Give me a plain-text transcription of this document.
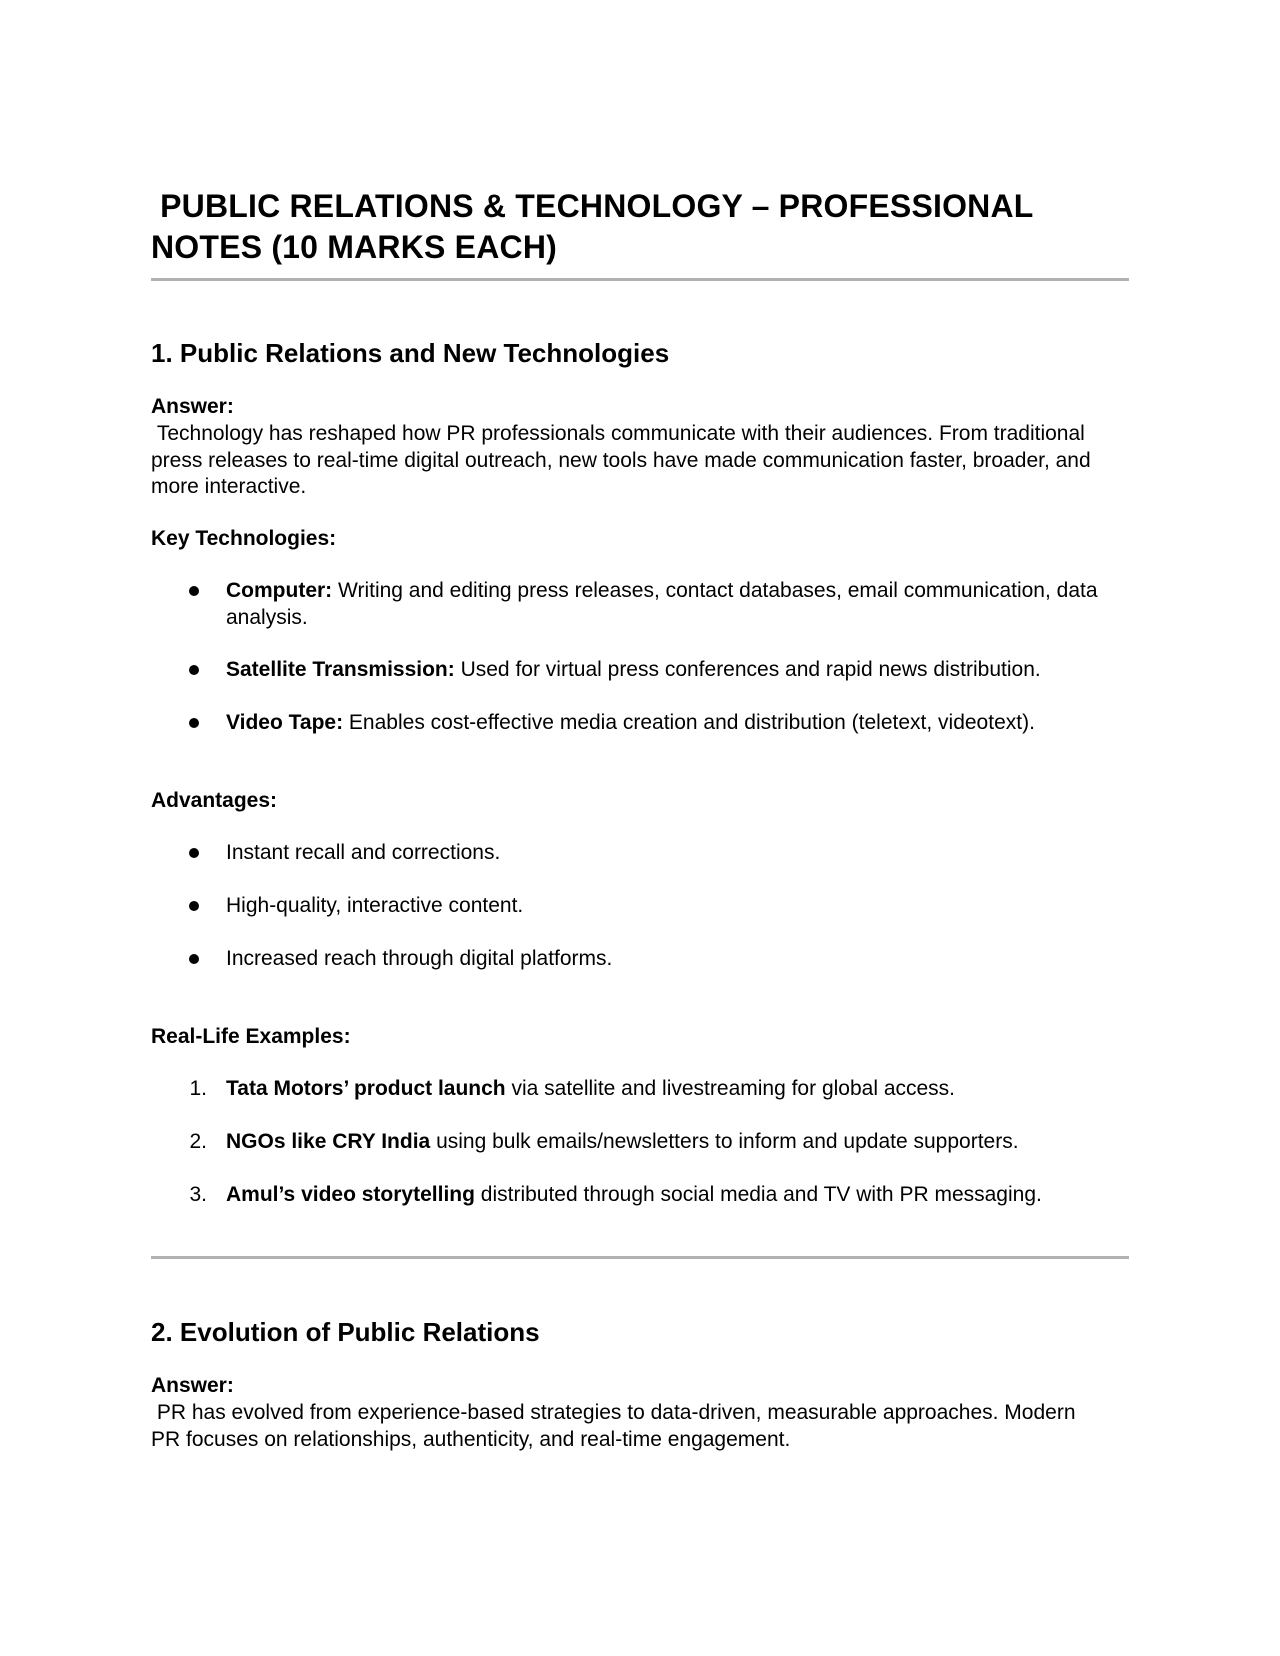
PUBLIC RELATIONS & TECHNOLOGY – PROFESSIONAL NOTES (10 MARKS EACH)
1. Public Relations and New Technologies
Answer:
Technology has reshaped how PR professionals communicate with their audiences. From traditional press releases to real-time digital outreach, new tools have made communication faster, broader, and more interactive.
Key Technologies:
Computer: Writing and editing press releases, contact databases, email communication, data analysis.
Satellite Transmission: Used for virtual press conferences and rapid news distribution.
Video Tape: Enables cost-effective media creation and distribution (teletext, videotext).
Advantages:
Instant recall and corrections.
High-quality, interactive content.
Increased reach through digital platforms.
Real-Life Examples:
1. Tata Motors’ product launch via satellite and livestreaming for global access.
2. NGOs like CRY India using bulk emails/newsletters to inform and update supporters.
3. Amul’s video storytelling distributed through social media and TV with PR messaging.
2. Evolution of Public Relations
Answer:
PR has evolved from experience-based strategies to data-driven, measurable approaches. Modern PR focuses on relationships, authenticity, and real-time engagement.
